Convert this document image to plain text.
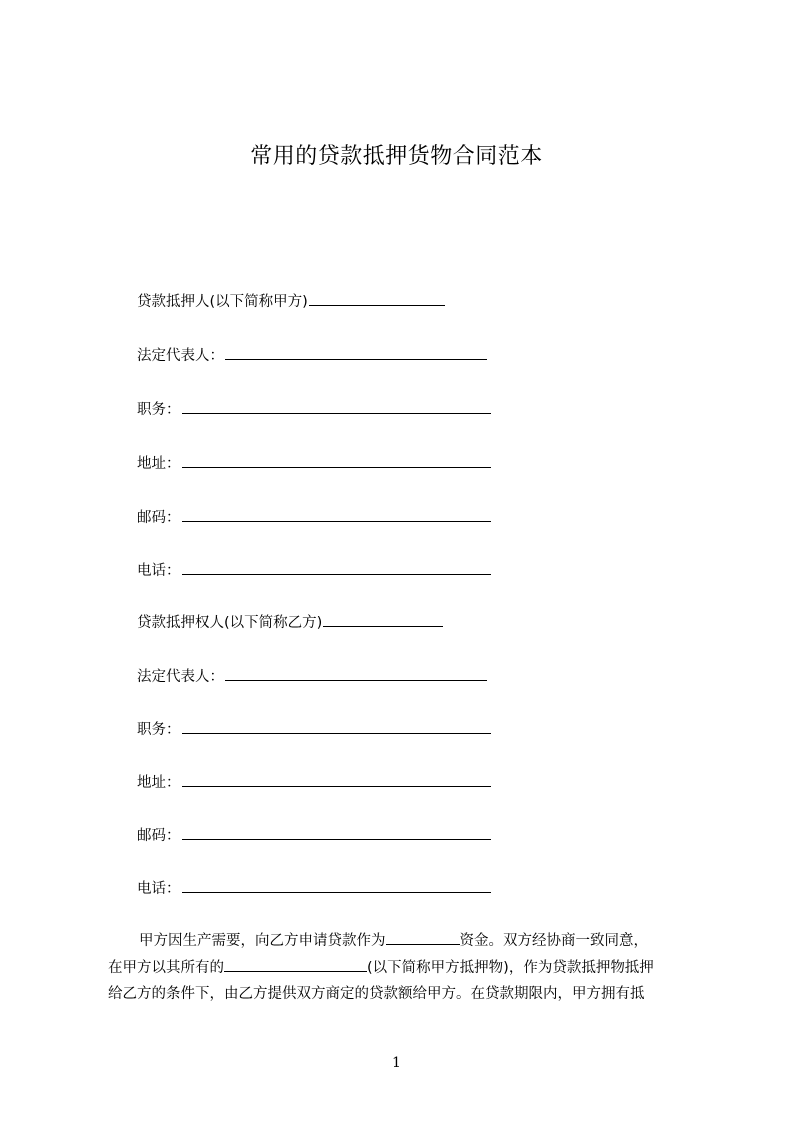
常用的贷款抵押货物合同范本
贷款抵押人(以下简称甲方)
法定代表人：
职务：
地址：
邮码：
电话：
贷款抵押权人(以下简称乙方)
法定代表人：
职务：
地址：
邮码：
电话：
甲方因生产需要，向乙方申请贷款作为	资金。双方经协商一致同意，
在甲方以其所有的	(以下简称甲方抵押物)，作为贷款抵押物抵押
给乙方的条件下，由乙方提供双方商定的贷款额给甲方。在贷款期限内，甲方拥有抵
1
